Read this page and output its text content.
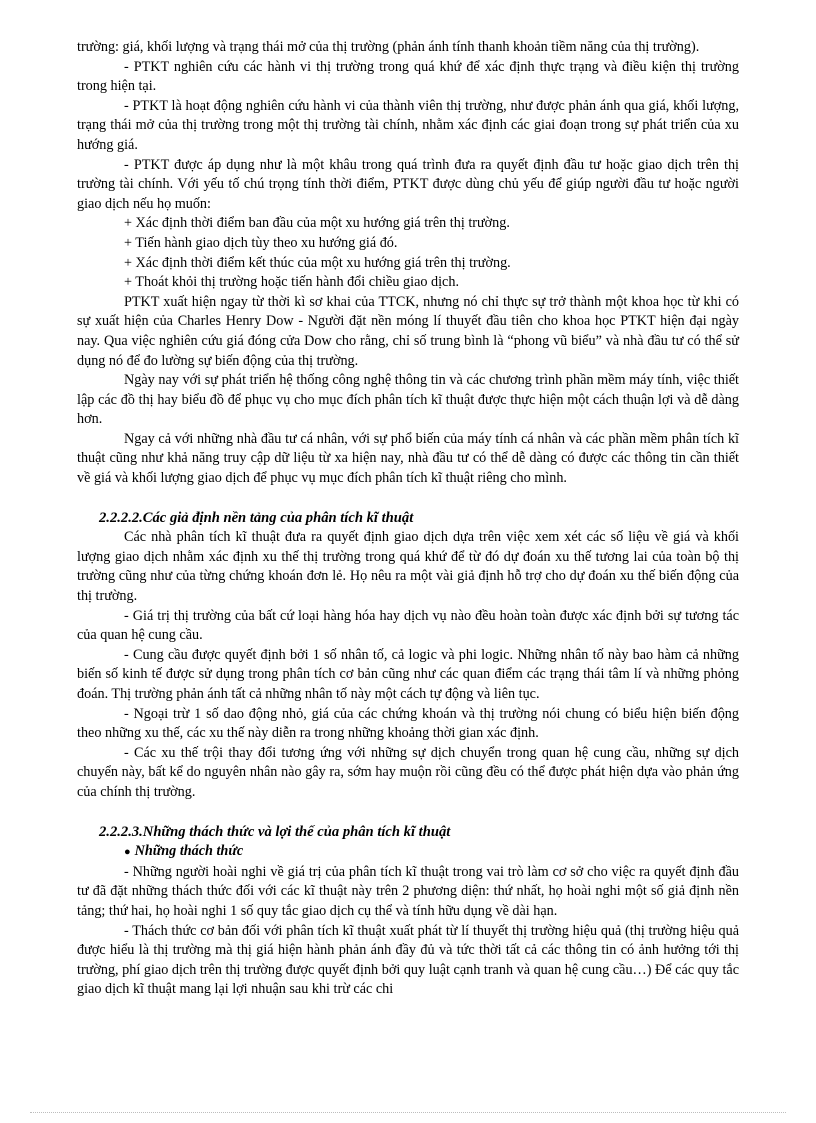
trường: giá, khối lượng và trạng thái mở của thị trường (phản ánh tính thanh khoản tiềm năng của thị trường).

- PTKT nghiên cứu các hành vi thị trường trong quá khứ để xác định thực trạng và điều kiện thị trường trong hiện tại.

- PTKT là hoạt động nghiên cứu hành vi của thành viên thị trường, như được phản ánh qua giá, khối lượng, trạng thái mở của thị trường trong một thị trường tài chính, nhằm xác định các giai đoạn trong sự phát triển của xu hướng giá.

- PTKT được áp dụng như là một khâu trong quá trình đưa ra quyết định đầu tư hoặc giao dịch trên thị trường tài chính. Với yếu tố chú trọng tính thời điểm, PTKT được dùng chủ yếu để giúp người đầu tư hoặc người giao dịch nếu họ muốn:

+ Xác định thời điểm ban đầu của một xu hướng giá trên thị trường.

+ Tiến hành giao dịch tùy theo xu hướng giá đó.

+ Xác định thời điểm kết thúc của một xu hướng giá trên thị trường.

+ Thoát khỏi thị trường hoặc tiến hành đổi chiều giao dịch.

PTKT xuất hiện ngay từ thời kì sơ khai của TTCK, nhưng nó chỉ thực sự trở thành một khoa học từ khi có sự xuất hiện của Charles Henry Dow - Người đặt nền móng lí thuyết đầu tiên cho khoa học PTKT hiện đại ngày nay. Qua việc nghiên cứu giá đóng cửa Dow cho rằng, chỉ số trung bình là “phong vũ biểu” và nhà đầu tư có thể sử dụng nó để đo lường sự biến động của thị trường.

Ngày nay với sự phát triển hệ thống công nghệ thông tin và các chương trình phần mềm máy tính, việc thiết lập các đồ thị hay biểu đồ để phục vụ cho mục đích phân tích kĩ thuật được thực hiện một cách thuận lợi và dễ dàng hơn.

Ngay cả với những nhà đầu tư cá nhân, với sự phổ biến của máy tính cá nhân và các phần mềm phân tích kĩ thuật cũng như khả năng truy cập dữ liệu từ xa hiện nay, nhà đầu tư có thể dễ dàng có được các thông tin cần thiết về giá và khối lượng giao dịch để phục vụ mục đích phân tích kĩ thuật riêng cho mình.

2.2.2.2.Các giả định nền tảng của phân tích kĩ thuật

Các nhà phân tích kĩ thuật đưa ra quyết định giao dịch dựa trên việc xem xét các số liệu về giá và khối lượng giao dịch nhằm xác định xu thế thị trường trong quá khứ để từ đó dự đoán xu thế tương lai của toàn bộ thị trường cũng như của từng chứng khoán đơn lẻ. Họ nêu ra một vài giả định hỗ trợ cho dự đoán xu thế biến động của thị trường.

- Giá trị thị trường của bất cứ loại hàng hóa hay dịch vụ nào đều hoàn toàn được xác định bởi sự tương tác của quan hệ cung cầu.

- Cung cầu được quyết định bởi 1 số nhân tố, cả logic và phi logic. Những nhân tố này bao hàm cả những biến số kinh tế được sử dụng trong phân tích cơ bản cũng như các quan điểm các trạng thái tâm lí và những phỏng đoán. Thị trường phản ánh tất cả những nhân tố này một cách tự động và liên tục.

- Ngoại trừ 1 số dao động nhỏ, giá của các chứng khoán và thị trường nói chung có biểu hiện biến động theo những xu thế, các xu thế này diễn ra trong những khoảng thời gian xác định.

- Các xu thế trội thay đổi tương ứng với những sự dịch chuyển trong quan hệ cung cầu, những sự dịch chuyển này, bất kể do nguyên nhân nào gây ra, sớm hay muộn rồi cũng đều có thể được phát hiện dựa vào phản ứng của chính thị trường.

2.2.2.3.Những thách thức và lợi thế của phân tích kĩ thuật

● Những thách thức

- Những người hoài nghi về giá trị của phân tích kĩ thuật trong vai trò làm cơ sở cho việc ra quyết định đầu tư đã đặt những thách thức đối với các kĩ thuật này trên 2 phương diện: thứ nhất, họ hoài nghi một số giả định nền tảng; thứ hai, họ hoài nghi 1 số quy tắc giao dịch cụ thể và tính hữu dụng về dài hạn.

- Thách thức cơ bản đối với phân tích kĩ thuật xuất phát từ lí thuyết thị trường hiệu quả (thị trường hiệu quả được hiểu là thị trường mà thị giá hiện hành phản ánh đầy đủ và tức thời tất cả các thông tin có ảnh hưởng tới thị trường, phí giao dịch trên thị trường được quyết định bởi quy luật cạnh tranh và quan hệ cung cầu…) Để các quy tắc giao dịch kĩ thuật mang lại lợi nhuận sau khi trừ các chi
